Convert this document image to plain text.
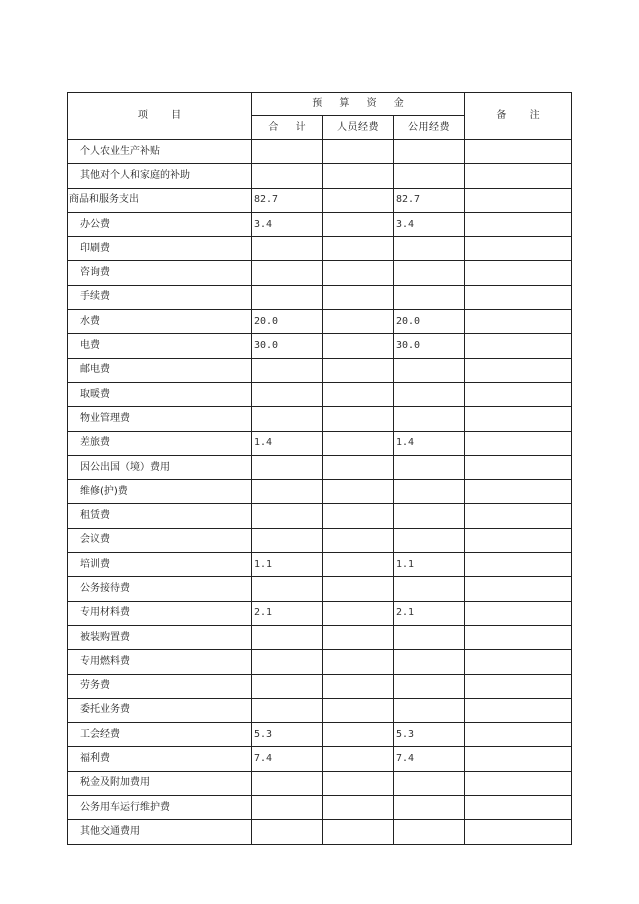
项 目	预 算 资 金			备 注
	合 计	人员经费	公用经费	
个人农业生产补贴				
其他对个人和家庭的补助				
商品和服务支出	82.7		82.7	
办公费	3.4		3.4	
印刷费				
咨询费				
手续费				
水费	20.0		20.0	
电费	30.0		30.0	
邮电费				
取暖费				
物业管理费				
差旅费	1.4		1.4	
因公出国（境）费用				
维修(护)费				
租赁费				
会议费				
培训费	1.1		1.1	
公务接待费				
专用材料费	2.1		2.1	
被装购置费				
专用燃料费				
劳务费				
委托业务费				
工会经费	5.3		5.3	
福利费	7.4		7.4	
税金及附加费用				
公务用车运行维护费				
其他交通费用				
